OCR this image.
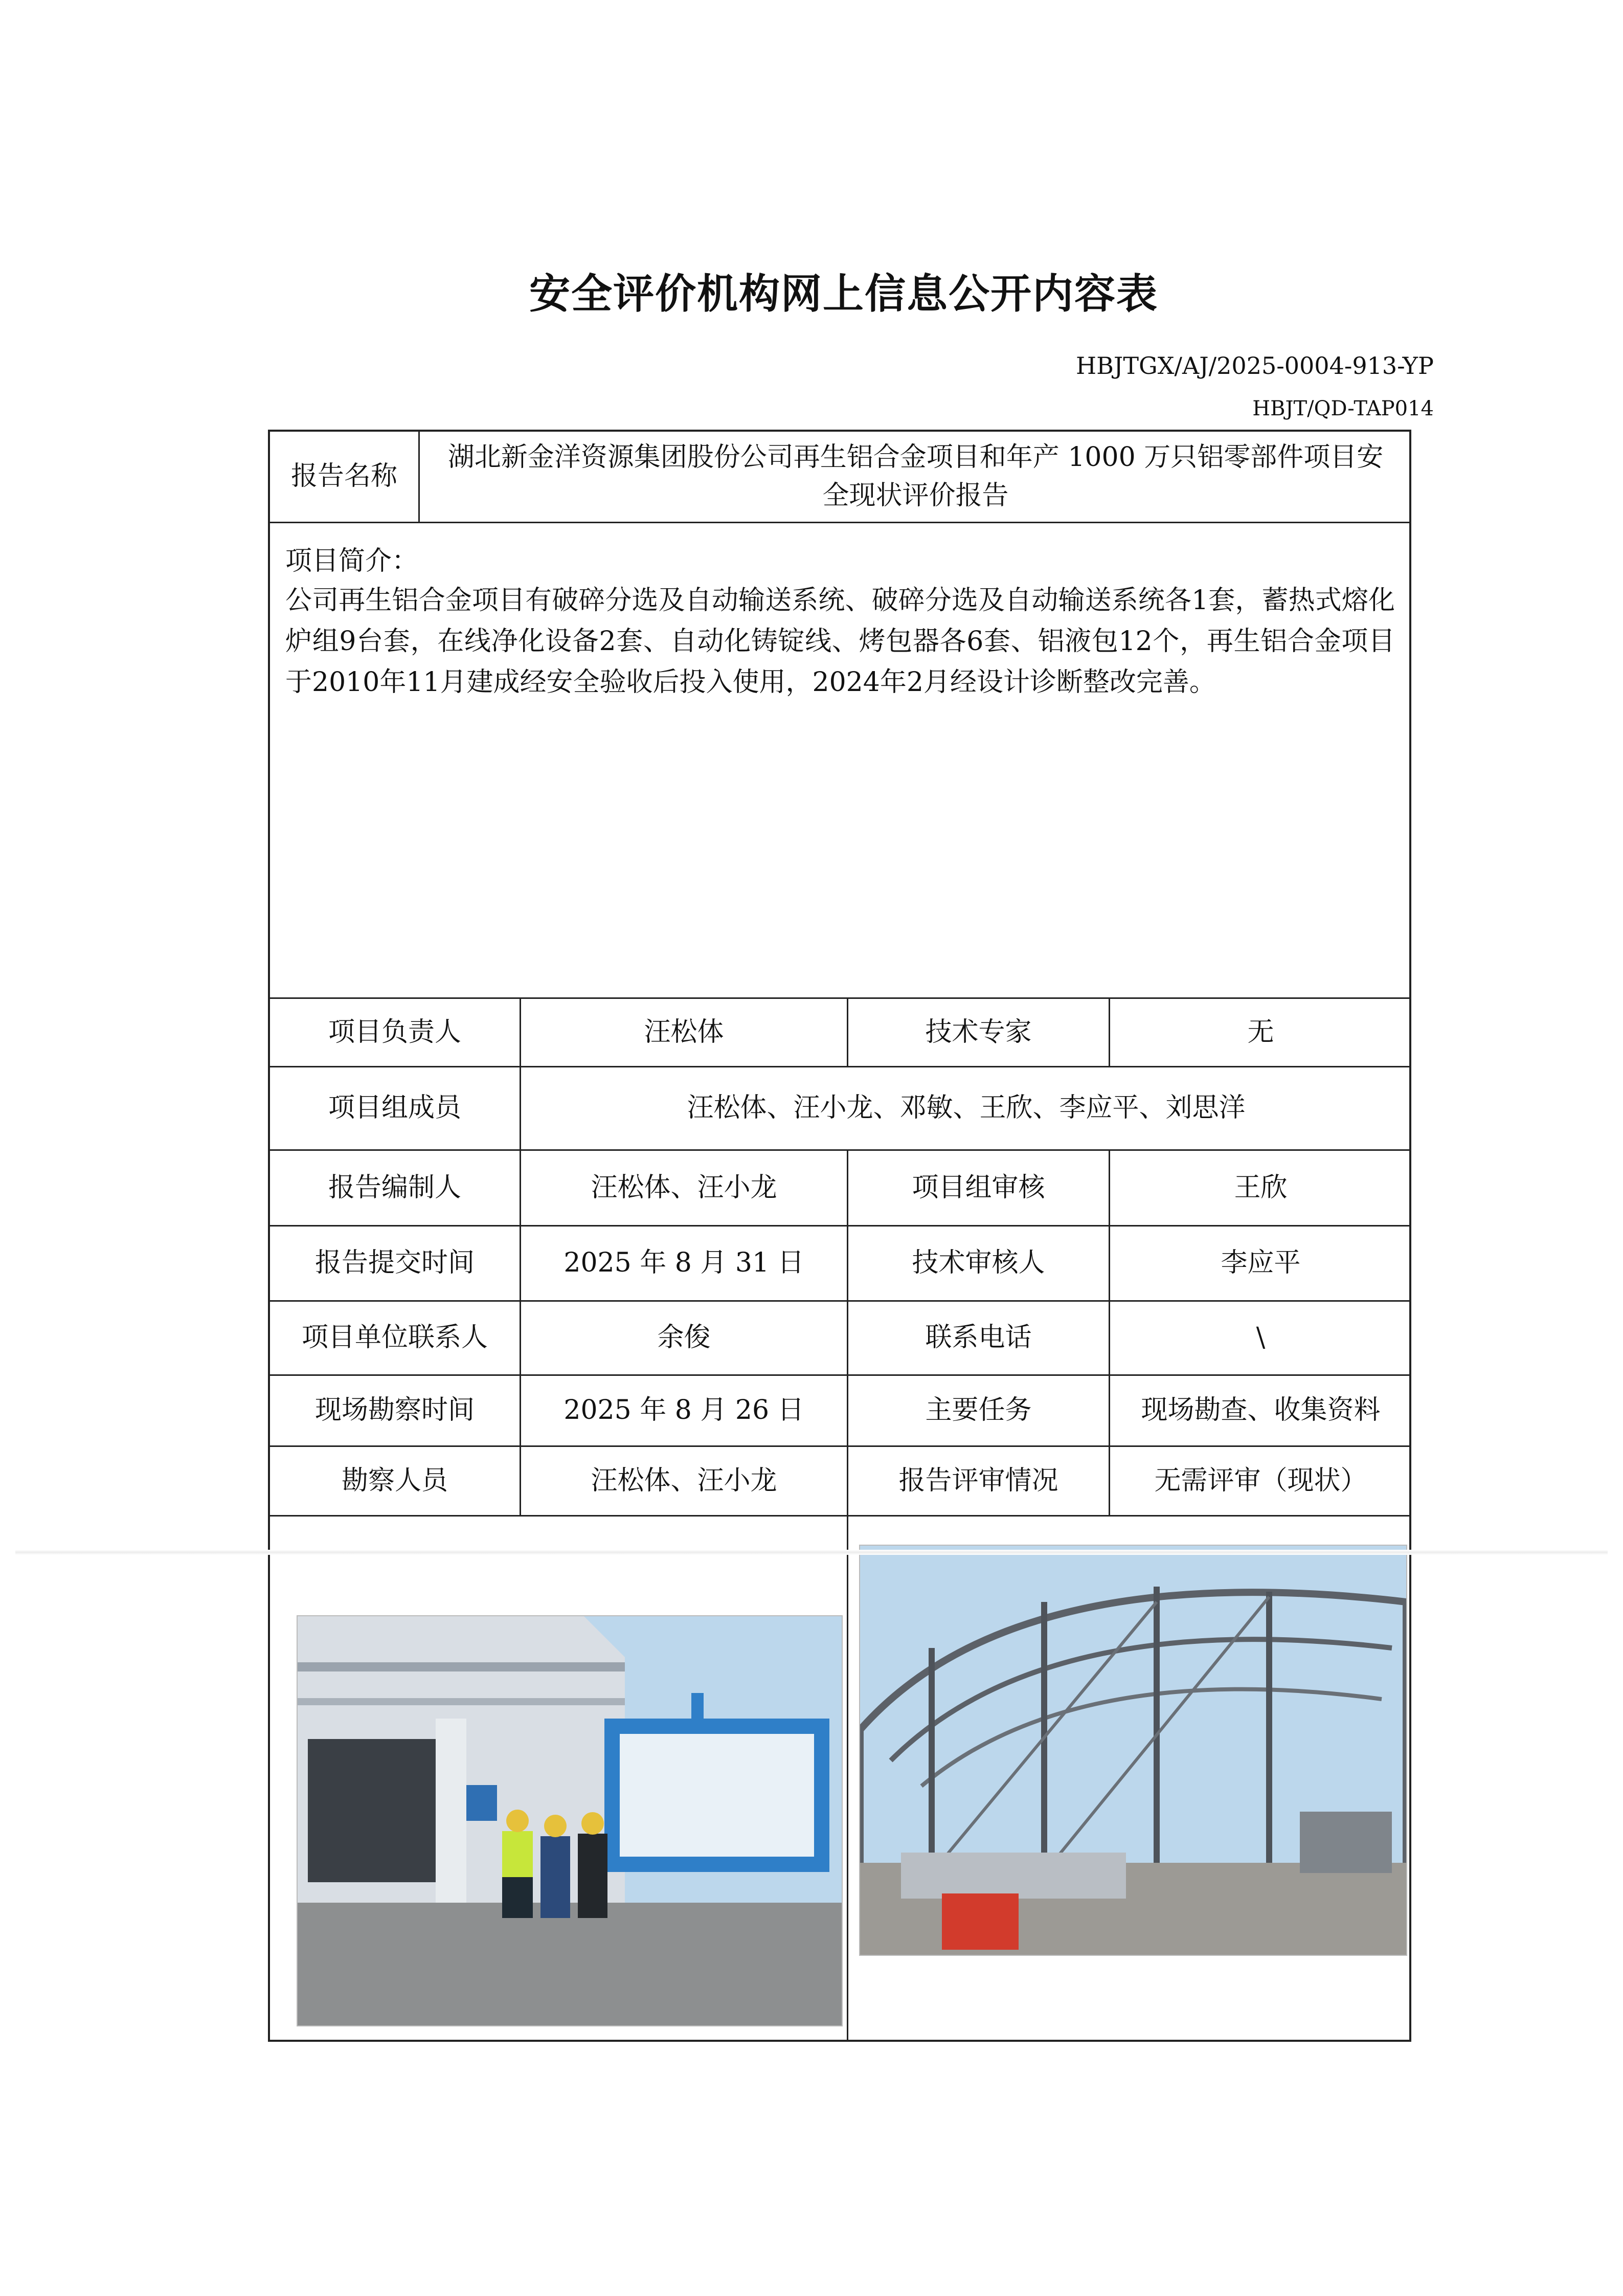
安全评价机构网上信息公开内容表
HBJTGX/AJ/2025-0004-913-YP
HBJT/QD-TAP014
报告名称
湖北新金洋资源集团股份公司再生铝合金项目和年产 1000 万只铝零部件项目安全现状评价报告
项目简介：
公司再生铝合金项目有破碎分选及自动输送系统、破碎分选及自动输送系统各1套，蓄热式熔化炉组9台套，在线净化设备2套、自动化铸锭线、烤包器各6套、铝液包12个，再生铝合金项目于2010年11月建成经安全验收后投入使用，2024年2月经设计诊断整改完善。
项目负责人	汪松体	技术专家	无
项目组成员	汪松体、汪小龙、邓敏、王欣、李应平、刘思洋
报告编制人	汪松体、汪小龙	项目组审核	王欣
报告提交时间	2025 年 8 月 31 日	技术审核人	李应平
项目单位联系人	余俊	联系电话	\
现场勘察时间	2025 年 8 月 26 日	主要任务	现场勘查、收集资料
勘察人员	汪松体、汪小龙	报告评审情况	无需评审（现状）
